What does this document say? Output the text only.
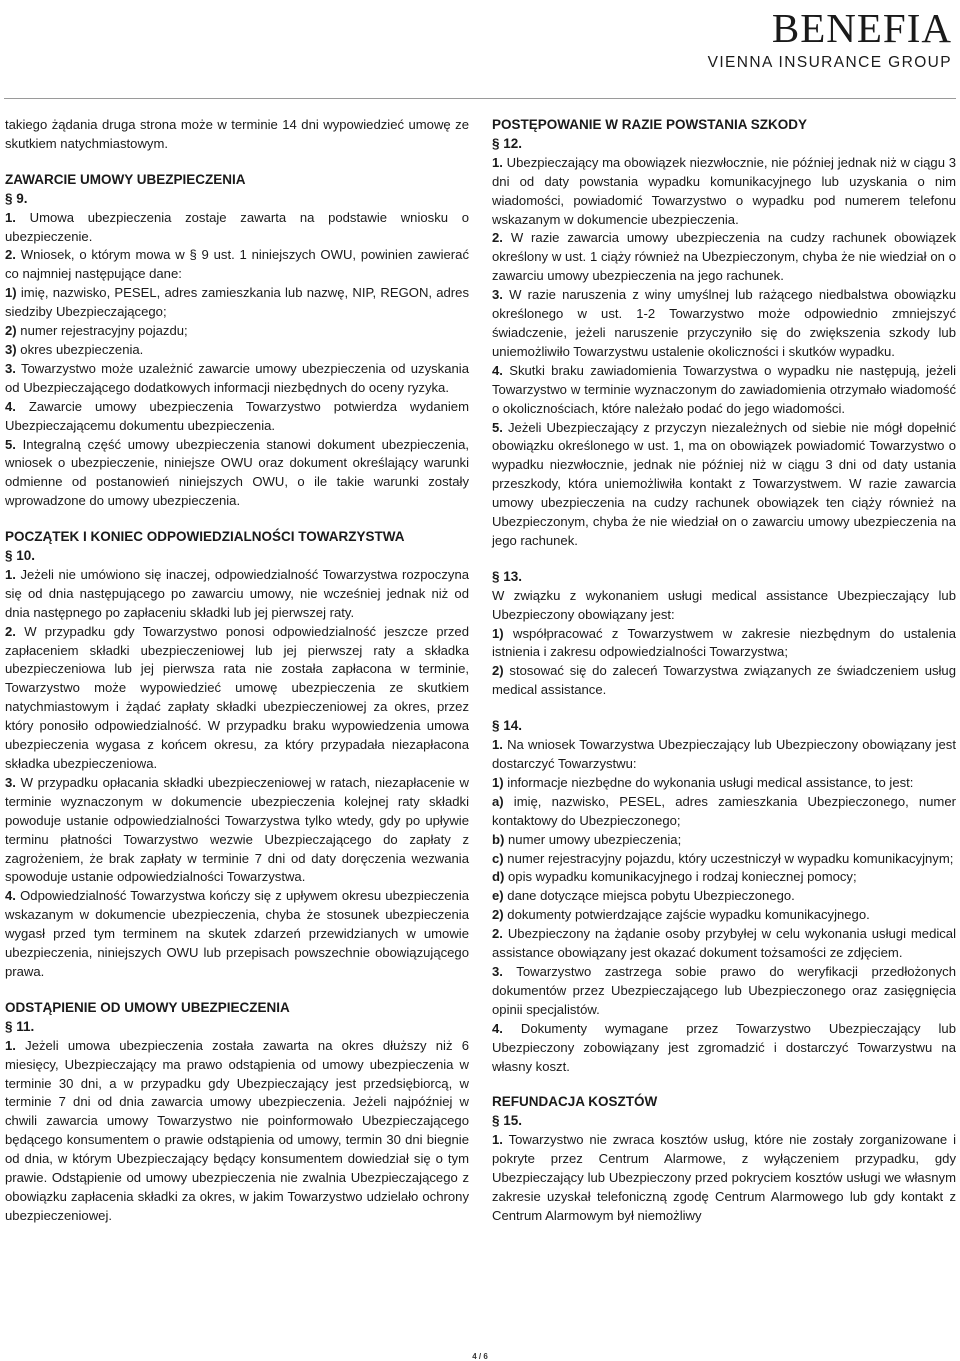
BENEFIA
VIENNA INSURANCE GROUP

takiego żądania druga strona może w terminie 14 dni wypowiedzieć umowę ze skutkiem natychmiastowym.

ZAWARCIE UMOWY UBEZPIECZENIA
§ 9.

1. Umowa ubezpieczenia zostaje zawarta na podstawie wniosku o ubezpieczenie.

2. Wniosek, o którym mowa w § 9 ust. 1 niniejszych OWU, powinien zawierać co najmniej następujące dane:

1) imię, nazwisko, PESEL, adres zamieszkania lub nazwę, NIP, REGON, adres siedziby Ubezpieczającego;

2) numer rejestracyjny pojazdu;

3) okres ubezpieczenia.

3. Towarzystwo może uzależnić zawarcie umowy ubezpieczenia od uzyskania od Ubezpieczającego dodatkowych informacji niezbędnych do oceny ryzyka.

4. Zawarcie umowy ubezpieczenia Towarzystwo potwierdza wydaniem Ubezpieczającemu dokumentu ubezpieczenia.

5. Integralną część umowy ubezpieczenia stanowi dokument ubezpieczenia, wniosek o ubezpieczenie, niniejsze OWU oraz dokument określający warunki odmienne od postanowień niniejszych OWU, o ile takie warunki zostały wprowadzone do umowy ubezpieczenia.

POCZĄTEK I KONIEC ODPOWIEDZIALNOŚCI TOWARZYSTWA
§ 10.

1. Jeżeli nie umówiono się inaczej, odpowiedzialność Towarzystwa rozpoczyna się od dnia następującego po zawarciu umowy, nie wcześniej jednak niż od dnia następnego po zapłaceniu składki lub jej pierwszej raty.

2. W przypadku gdy Towarzystwo ponosi odpowiedzialność jeszcze przed zapłaceniem składki ubezpieczeniowej lub jej pierwszej raty a składka ubezpieczeniowa lub jej pierwsza rata nie została zapłacona w terminie, Towarzystwo może wypowiedzieć umowę ubezpieczenia ze skutkiem natychmiastowym i żądać zapłaty składki ubezpieczeniowej za okres, przez który ponosiło odpowiedzialność. W przypadku braku wypowiedzenia umowa ubezpieczenia wygasa z końcem okresu, za który przypadała niezapłacona składka ubezpieczeniowa.

3. W przypadku opłacania składki ubezpieczeniowej w ratach, niezapłacenie w terminie wyznaczonym w dokumencie ubezpieczenia kolejnej raty składki powoduje ustanie odpowiedzialności Towarzystwa tylko wtedy, gdy po upływie terminu płatności Towarzystwo wezwie Ubezpieczającego do zapłaty z zagrożeniem, że brak zapłaty w terminie 7 dni od daty doręczenia wezwania spowoduje ustanie odpowiedzialności Towarzystwa.

4. Odpowiedzialność Towarzystwa kończy się z upływem okresu ubezpieczenia wskazanym w dokumencie ubezpieczenia, chyba że stosunek ubezpieczenia wygasł przed tym terminem na skutek zdarzeń przewidzianych w umowie ubezpieczenia, niniejszych OWU lub przepisach powszechnie obowiązującego prawa.

ODSTĄPIENIE OD UMOWY UBEZPIECZENIA
§ 11.

1. Jeżeli umowa ubezpieczenia została zawarta na okres dłuższy niż 6 miesięcy, Ubezpieczający ma prawo odstąpienia od umowy ubezpieczenia w terminie 30 dni, a w przypadku gdy Ubezpieczający jest przedsiębiorcą, w terminie 7 dni od dnia zawarcia umowy ubezpieczenia. Jeżeli najpóźniej w chwili zawarcia umowy Towarzystwo nie poinformowało Ubezpieczającego będącego konsumentem o prawie odstąpienia od umowy, termin 30 dni biegnie od dnia, w którym Ubezpieczający będący konsumentem dowiedział się o tym prawie. Odstąpienie od umowy ubezpieczenia nie zwalnia Ubezpieczającego z obowiązku zapłacenia składki za okres, w jakim Towarzystwo udzielało ochrony ubezpieczeniowej.

POSTĘPOWANIE W RAZIE POWSTANIA SZKODY
§ 12.

1. Ubezpieczający ma obowiązek niezwłocznie, nie później jednak niż w ciągu 3 dni od daty powstania wypadku komunikacyjnego lub uzyskania o nim wiadomości, powiadomić Towarzystwo o wypadku pod numerem telefonu wskazanym w dokumencie ubezpieczenia.

2. W razie zawarcia umowy ubezpieczenia na cudzy rachunek obowiązek określony w ust. 1 ciąży również na Ubezpieczonym, chyba że nie wiedział on o zawarciu umowy ubezpieczenia na jego rachunek.

3. W razie naruszenia z winy umyślnej lub rażącego niedbalstwa obowiązku określonego w ust. 1-2 Towarzystwo może odpowiednio zmniejszyć świadczenie, jeżeli naruszenie przyczyniło się do zwiększenia szkody lub uniemożliwiło Towarzystwu ustalenie okoliczności i skutków wypadku.

4. Skutki braku zawiadomienia Towarzystwa o wypadku nie następują, jeżeli Towarzystwo w terminie wyznaczonym do zawiadomienia otrzymało wiadomość o okolicznościach, które należało podać do jego wiadomości.

5. Jeżeli Ubezpieczający z przyczyn niezależnych od siebie nie mógł dopełnić obowiązku określonego w ust. 1, ma on obowiązek powiadomić Towarzystwo o wypadku niezwłocznie, jednak nie później niż w ciągu 3 dni od daty ustania przeszkody, która uniemożliwiła kontakt z Towarzystwem. W razie zawarcia umowy ubezpieczenia na cudzy rachunek obowiązek ten ciąży również na Ubezpieczonym, chyba że nie wiedział on o zawarciu umowy ubezpieczenia na jego rachunek.

§ 13.

W związku z wykonaniem usługi medical assistance Ubezpieczający lub Ubezpieczony obowiązany jest:

1) współpracować z Towarzystwem w zakresie niezbędnym do ustalenia istnienia i zakresu odpowiedzialności Towarzystwa;

2) stosować się do zaleceń Towarzystwa związanych ze świadczeniem usług medical assistance.

§ 14.

1. Na wniosek Towarzystwa Ubezpieczający lub Ubezpieczony obowiązany jest dostarczyć Towarzystwu:

1) informacje niezbędne do wykonania usługi medical assistance, to jest:

a) imię, nazwisko, PESEL, adres zamieszkania Ubezpieczonego, numer kontaktowy do Ubezpieczonego;

b) numer umowy ubezpieczenia;

c) numer rejestracyjny pojazdu, który uczestniczył w wypadku komunikacyjnym;

d) opis wypadku komunikacyjnego i rodzaj koniecznej pomocy;

e) dane dotyczące miejsca pobytu Ubezpieczonego.

2) dokumenty potwierdzające zajście wypadku komunikacyjnego.

2. Ubezpieczony na żądanie osoby przybyłej w celu wykonania usługi medical assistance obowiązany jest okazać dokument tożsamości ze zdjęciem.

3. Towarzystwo zastrzega sobie prawo do weryfikacji przedłożonych dokumentów przez Ubezpieczającego lub Ubezpieczonego oraz zasięgnięcia opinii specjalistów.

4. Dokumenty wymagane przez Towarzystwo Ubezpieczający lub Ubezpieczony zobowiązany jest zgromadzić i dostarczyć Towarzystwu na własny koszt.

REFUNDACJA KOSZTÓW
§ 15.

1. Towarzystwo nie zwraca kosztów usług, które nie zostały zorganizowane i pokryte przez Centrum Alarmowe, z wyłączeniem przypadku, gdy Ubezpieczający lub Ubezpieczony przed pokryciem kosztów usługi we własnym zakresie uzyskał telefoniczną zgodę Centrum Alarmowego lub gdy kontakt z Centrum Alarmowym był niemożliwy

4 / 6
